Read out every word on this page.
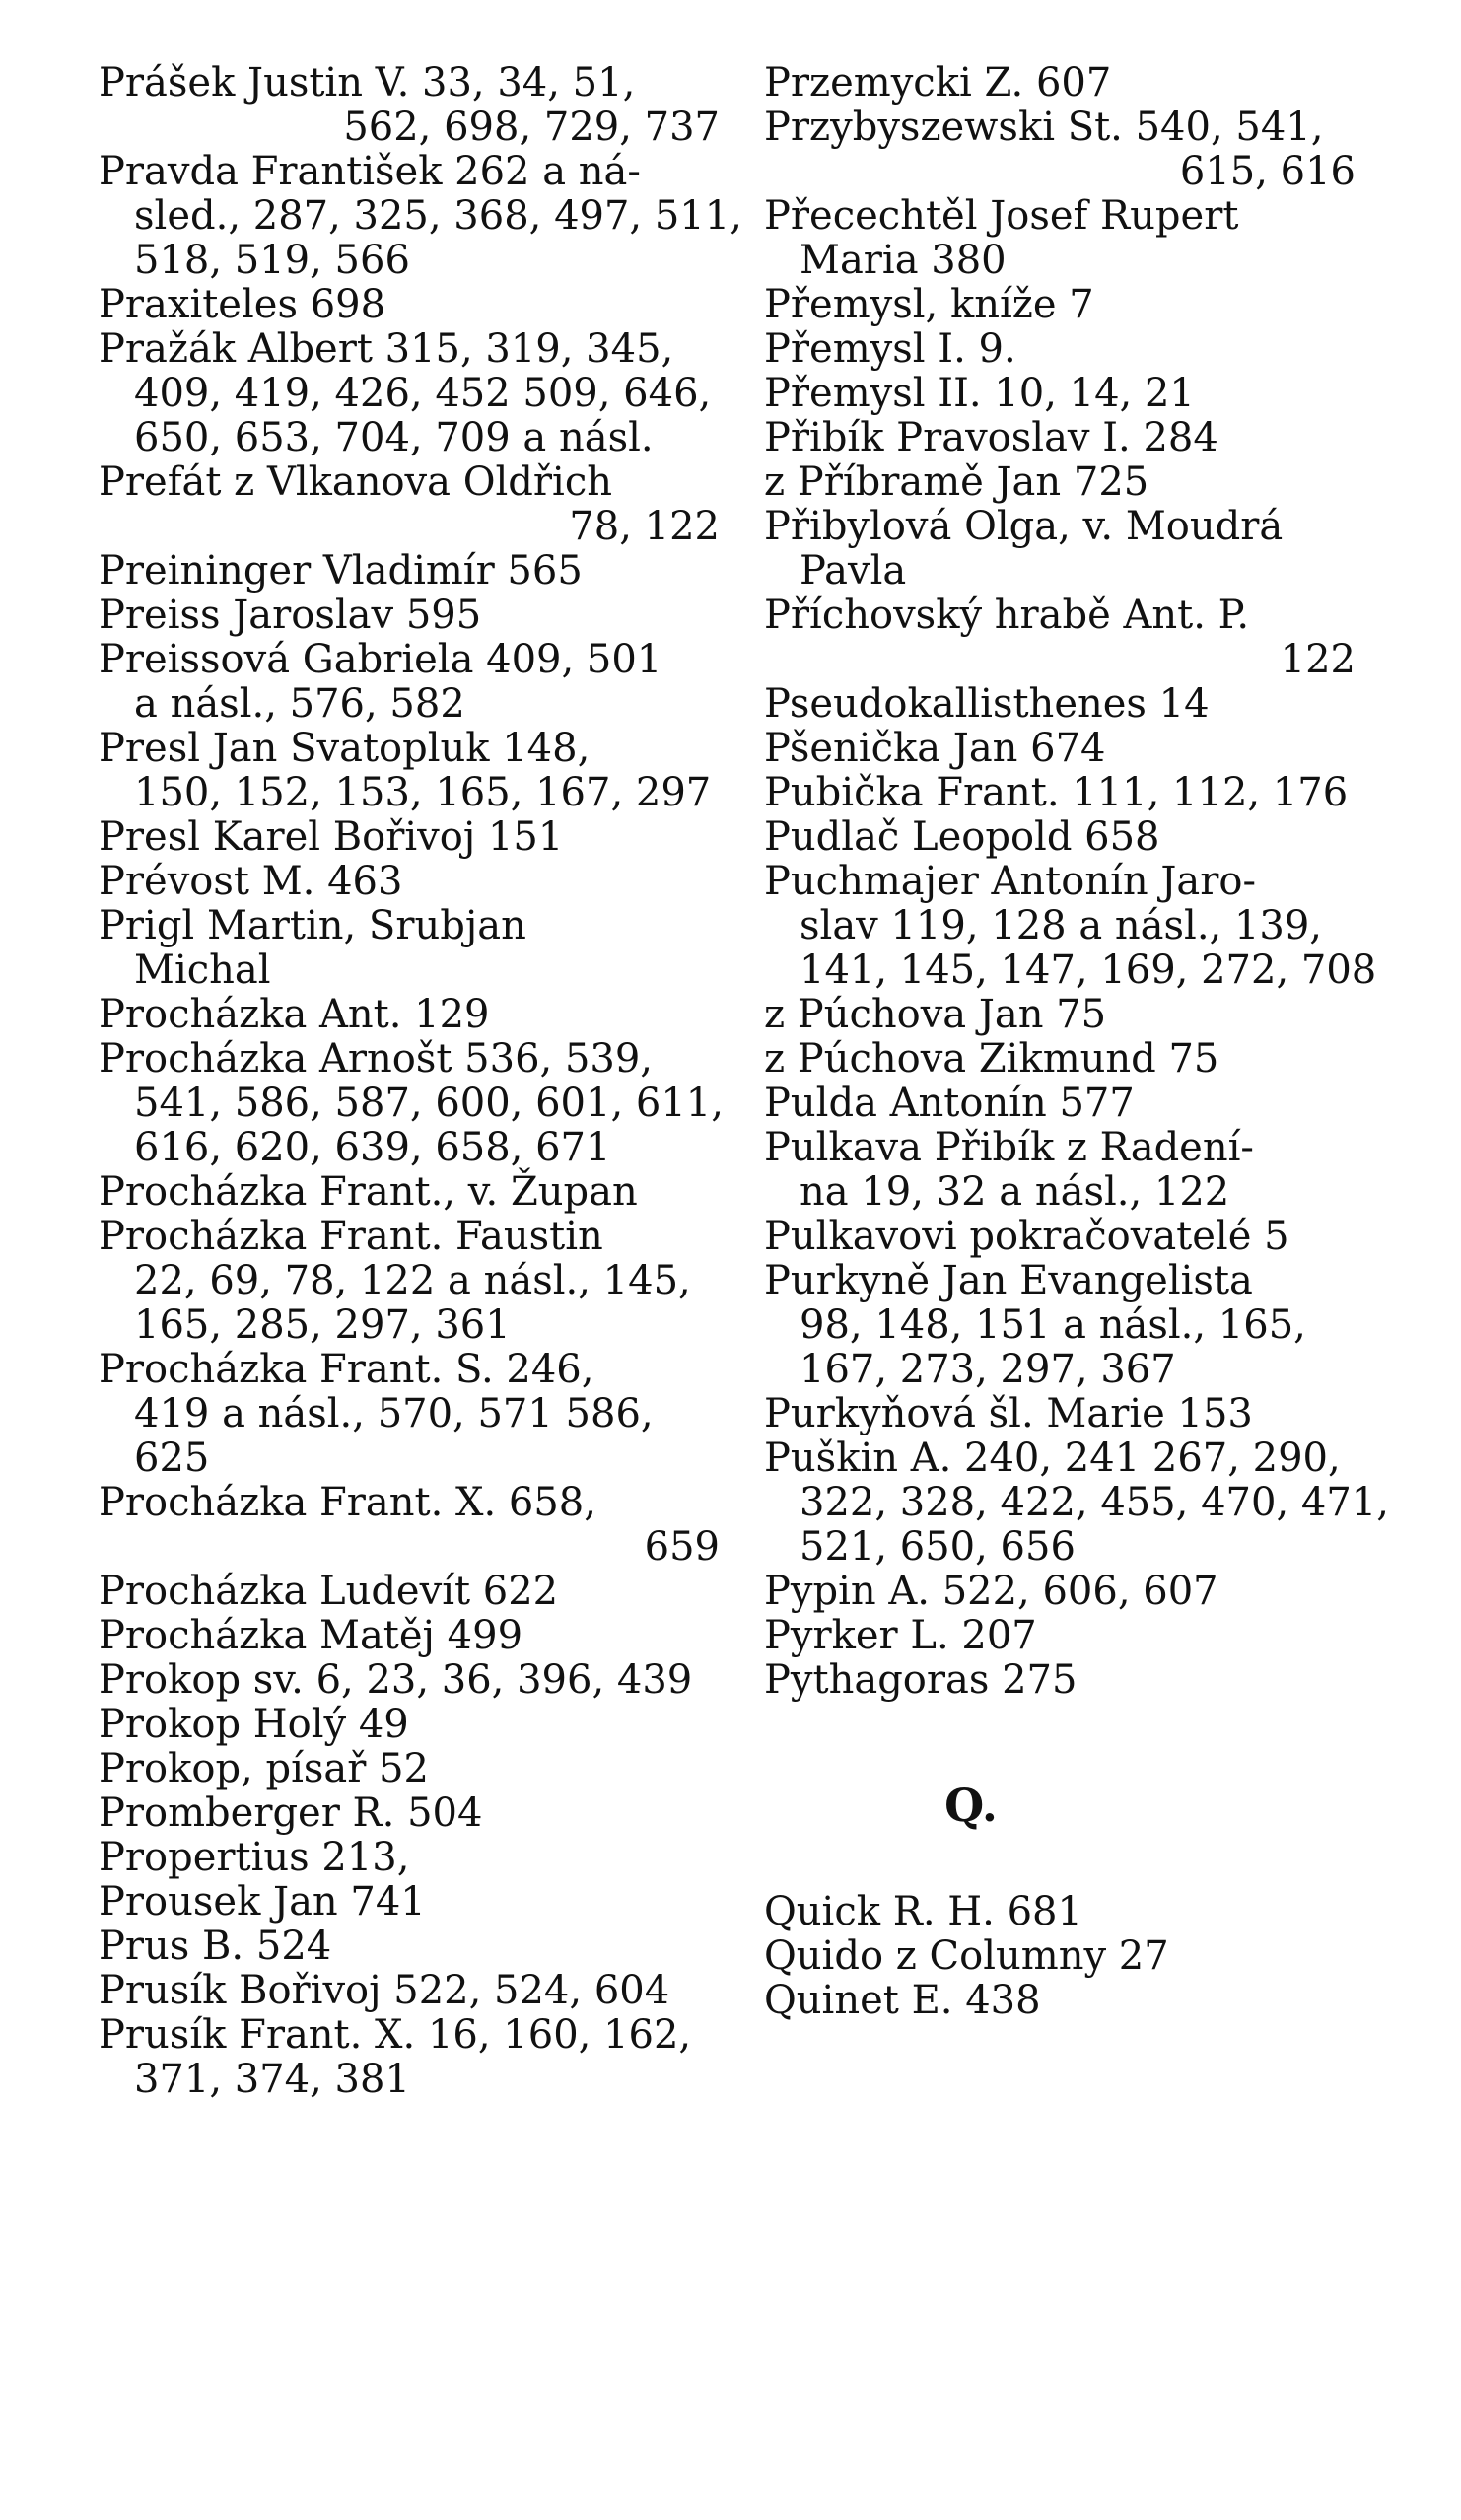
Prášek Justin V. 33, 34, 51,
562, 698, 729, 737

Pravda František 262 a ná-
sled., 287, 325, 368, 497, 511,
518, 519, 566

Praxiteles 698

Pražák Albert 315, 319, 345,
409, 419, 426, 452 509, 646,
650, 653, 704, 709 a násl.

Prefát z Vlkanova Oldřich
78, 122

Preininger Vladimír 565

Preiss Jaroslav 595

Preissová Gabriela 409, 501
a násl., 576, 582

Presl Jan Svatopluk 148,
150, 152, 153, 165, 167, 297

Presl Karel Bořivoj 151

Prévost M. 463

Prigl Martin, Srubjan
Michal

Procházka Ant. 129

Procházka Arnošt 536, 539,
541, 586, 587, 600, 601, 611,
616, 620, 639, 658, 671

Procházka Frant., v. Župan

Procházka Frant. Faustin
22, 69, 78, 122 a násl., 145,
165, 285, 297, 361

Procházka Frant. S. 246,
419 a násl., 570, 571 586,
625

Procházka Frant. X. 658,
659

Procházka Ludevít 622

Procházka Matěj 499

Prokop sv. 6, 23, 36, 396, 439

Prokop Holý 49

Prokop, písař 52

Promberger R. 504

Propertius 213,

Prousek Jan 741

Prus B. 524

Prusík Bořivoj 522, 524, 604

Prusík Frant. X. 16, 160, 162,
371, 374, 381

Przemycki Z. 607

Przybyszewski St. 540, 541,
615, 616

Přecechtěl Josef Rupert
Maria 380

Přemysl, kníže 7

Přemysl I. 9.

Přemysl II. 10, 14, 21

Přibík Pravoslav I. 284

z Příbramě Jan 725

Přibylová Olga, v. Moudrá
Pavla

Příchovský hrabě Ant. P.
122

Pseudokallisthenes 14

Pšenička Jan 674

Pubička Frant. 111, 112, 176

Pudlač Leopold 658

Puchmajer Antonín Jaro-
slav 119, 128 a násl., 139,
141, 145, 147, 169, 272, 708

z Púchova Jan 75

z Púchova Zikmund 75

Pulda Antonín 577

Pulkava Přibík z Radení-
na 19, 32 a násl., 122

Pulkavovi pokračovatelé 5

Purkyně Jan Evangelista
98, 148, 151 a násl., 165,
167, 273, 297, 367

Purkyňová šl. Marie 153

Puškin A. 240, 241 267, 290,
322, 328, 422, 455, 470, 471,
521, 650, 656

Pypin A. 522, 606, 607

Pyrker L. 207

Pythagoras 275

Q.

Quick R. H. 681

Quido z Columny 27

Quinet E. 438
